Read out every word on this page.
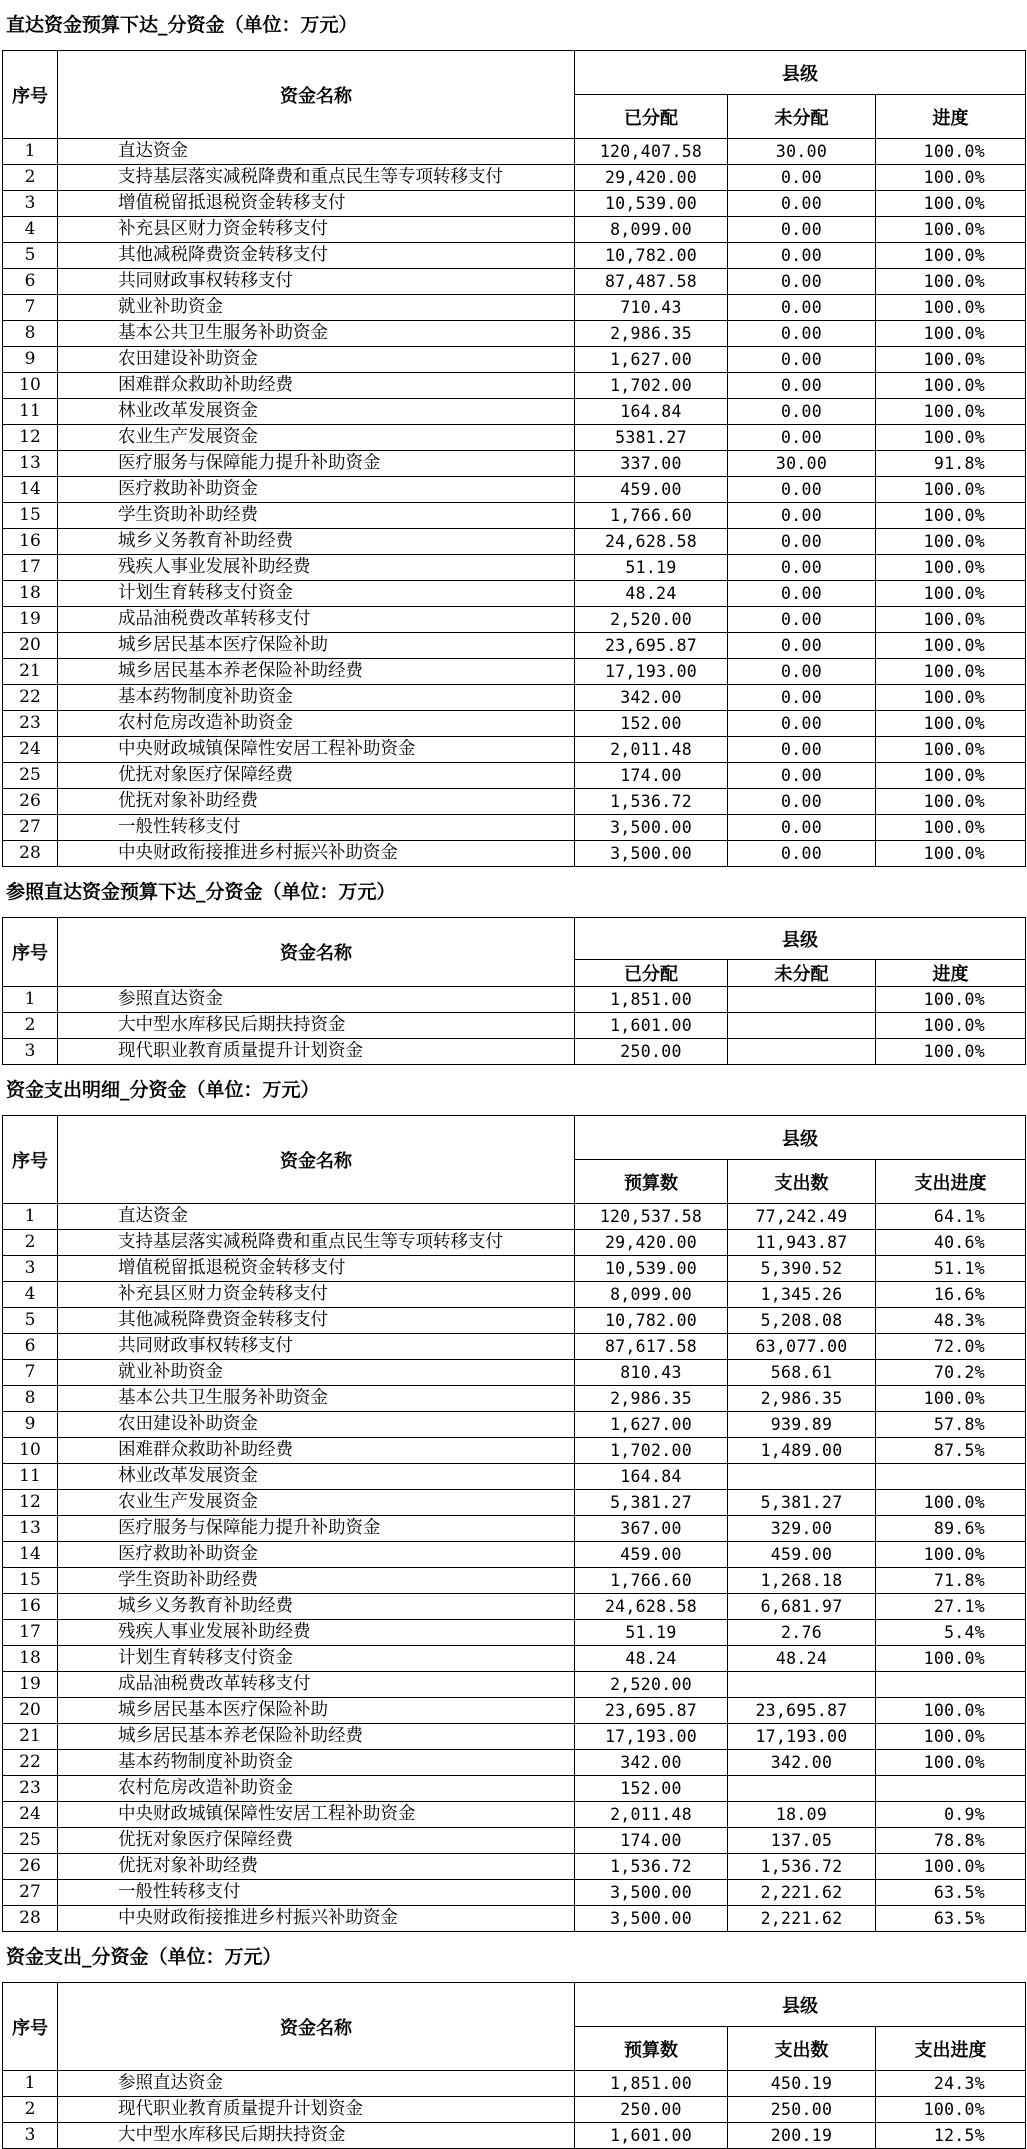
直达资金预算下达_分资金（单位：万元）
序号	资金名称	县级		
		已分配	未分配	进度
1	直达资金	120,407.58	30.00	100.0%
2	支持基层落实减税降费和重点民生等专项转移支付	29,420.00	0.00	100.0%
3	增值税留抵退税资金转移支付	10,539.00	0.00	100.0%
4	补充县区财力资金转移支付	8,099.00	0.00	100.0%
5	其他减税降费资金转移支付	10,782.00	0.00	100.0%
6	共同财政事权转移支付	87,487.58	0.00	100.0%
7	就业补助资金	710.43	0.00	100.0%
8	基本公共卫生服务补助资金	2,986.35	0.00	100.0%
9	农田建设补助资金	1,627.00	0.00	100.0%
10	困难群众救助补助经费	1,702.00	0.00	100.0%
11	林业改革发展资金	164.84	0.00	100.0%
12	农业生产发展资金	5381.27	0.00	100.0%
13	医疗服务与保障能力提升补助资金	337.00	30.00	91.8%
14	医疗救助补助资金	459.00	0.00	100.0%
15	学生资助补助经费	1,766.60	0.00	100.0%
16	城乡义务教育补助经费	24,628.58	0.00	100.0%
17	残疾人事业发展补助经费	51.19	0.00	100.0%
18	计划生育转移支付资金	48.24	0.00	100.0%
19	成品油税费改革转移支付	2,520.00	0.00	100.0%
20	城乡居民基本医疗保险补助	23,695.87	0.00	100.0%
21	城乡居民基本养老保险补助经费	17,193.00	0.00	100.0%
22	基本药物制度补助资金	342.00	0.00	100.0%
23	农村危房改造补助资金	152.00	0.00	100.0%
24	中央财政城镇保障性安居工程补助资金	2,011.48	0.00	100.0%
25	优抚对象医疗保障经费	174.00	0.00	100.0%
26	优抚对象补助经费	1,536.72	0.00	100.0%
27	一般性转移支付	3,500.00	0.00	100.0%
28	中央财政衔接推进乡村振兴补助资金	3,500.00	0.00	100.0%
参照直达资金预算下达_分资金（单位：万元）
序号	资金名称	县级		
		已分配	未分配	进度
1	参照直达资金	1,851.00		100.0%
2	大中型水库移民后期扶持资金	1,601.00		100.0%
3	现代职业教育质量提升计划资金	250.00		100.0%
资金支出明细_分资金（单位：万元）
序号	资金名称	县级		
		预算数	支出数	支出进度
1	直达资金	120,537.58	77,242.49	64.1%
2	支持基层落实减税降费和重点民生等专项转移支付	29,420.00	11,943.87	40.6%
3	增值税留抵退税资金转移支付	10,539.00	5,390.52	51.1%
4	补充县区财力资金转移支付	8,099.00	1,345.26	16.6%
5	其他减税降费资金转移支付	10,782.00	5,208.08	48.3%
6	共同财政事权转移支付	87,617.58	63,077.00	72.0%
7	就业补助资金	810.43	568.61	70.2%
8	基本公共卫生服务补助资金	2,986.35	2,986.35	100.0%
9	农田建设补助资金	1,627.00	939.89	57.8%
10	困难群众救助补助经费	1,702.00	1,489.00	87.5%
11	林业改革发展资金	164.84		
12	农业生产发展资金	5,381.27	5,381.27	100.0%
13	医疗服务与保障能力提升补助资金	367.00	329.00	89.6%
14	医疗救助补助资金	459.00	459.00	100.0%
15	学生资助补助经费	1,766.60	1,268.18	71.8%
16	城乡义务教育补助经费	24,628.58	6,681.97	27.1%
17	残疾人事业发展补助经费	51.19	2.76	5.4%
18	计划生育转移支付资金	48.24	48.24	100.0%
19	成品油税费改革转移支付	2,520.00		
20	城乡居民基本医疗保险补助	23,695.87	23,695.87	100.0%
21	城乡居民基本养老保险补助经费	17,193.00	17,193.00	100.0%
22	基本药物制度补助资金	342.00	342.00	100.0%
23	农村危房改造补助资金	152.00		
24	中央财政城镇保障性安居工程补助资金	2,011.48	18.09	0.9%
25	优抚对象医疗保障经费	174.00	137.05	78.8%
26	优抚对象补助经费	1,536.72	1,536.72	100.0%
27	一般性转移支付	3,500.00	2,221.62	63.5%
28	中央财政衔接推进乡村振兴补助资金	3,500.00	2,221.62	63.5%
资金支出_分资金（单位：万元）
序号	资金名称	县级		
		预算数	支出数	支出进度
1	参照直达资金	1,851.00	450.19	24.3%
2	现代职业教育质量提升计划资金	250.00	250.00	100.0%
3	大中型水库移民后期扶持资金	1,601.00	200.19	12.5%
